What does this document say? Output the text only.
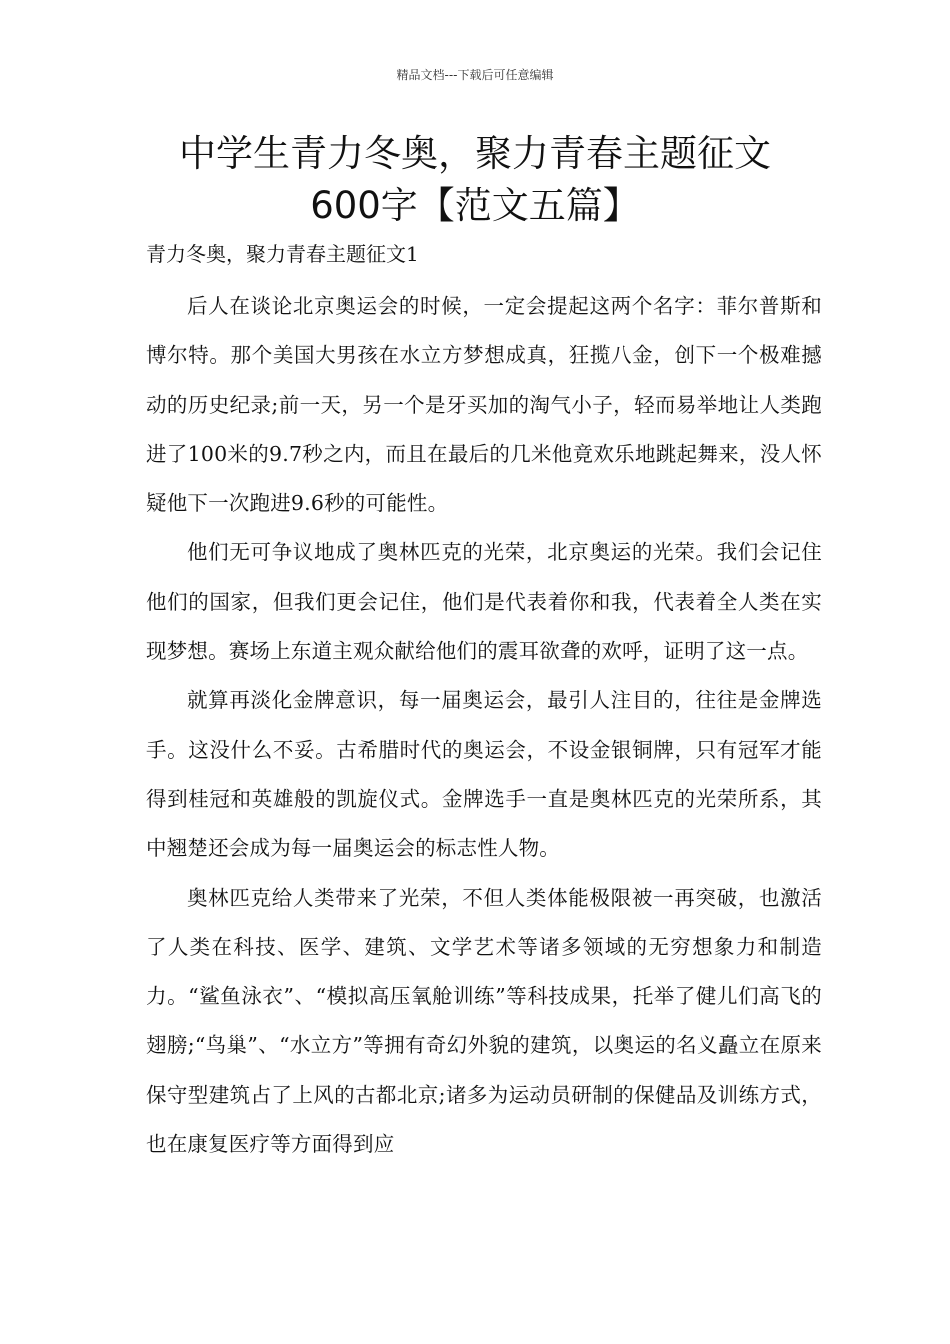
精品文档---下载后可任意编辑
中学生青力冬奥，聚力青春主题征文
600字【范文五篇】
青力冬奥，聚力青春主题征文1

后人在谈论北京奥运会的时候，一定会提起这两个名字：菲尔普斯和博尔特。那个美国大男孩在水立方梦想成真，狂揽八金，创下一个极难撼动的历史纪录;前一天，另一个是牙买加的淘气小子，轻而易举地让人类跑进了100米的9.7秒之内，而且在最后的几米他竟欢乐地跳起舞来，没人怀疑他下一次跑进9.6秒的可能性。

他们无可争议地成了奥林匹克的光荣，北京奥运的光荣。我们会记住他们的国家，但我们更会记住，他们是代表着你和我，代表着全人类在实现梦想。赛场上东道主观众献给他们的震耳欲聋的欢呼，证明了这一点。

就算再淡化金牌意识，每一届奥运会，最引人注目的，往往是金牌选手。这没什么不妥。古希腊时代的奥运会，不设金银铜牌，只有冠军才能得到桂冠和英雄般的凯旋仪式。金牌选手一直是奥林匹克的光荣所系，其中翘楚还会成为每一届奥运会的标志性人物。

奥林匹克给人类带来了光荣，不但人类体能极限被一再突破，也激活了人类在科技、医学、建筑、文学艺术等诸多领域的无穷想象力和制造力。“鲨鱼泳衣”、“模拟高压氧舱训练”等科技成果，托举了健儿们高飞的翅膀;“鸟巢”、“水立方”等拥有奇幻外貌的建筑，以奥运的名义矗立在原来保守型建筑占了上风的古都北京;诸多为运动员研制的保健品及训练方式，也在康复医疗等方面得到应
